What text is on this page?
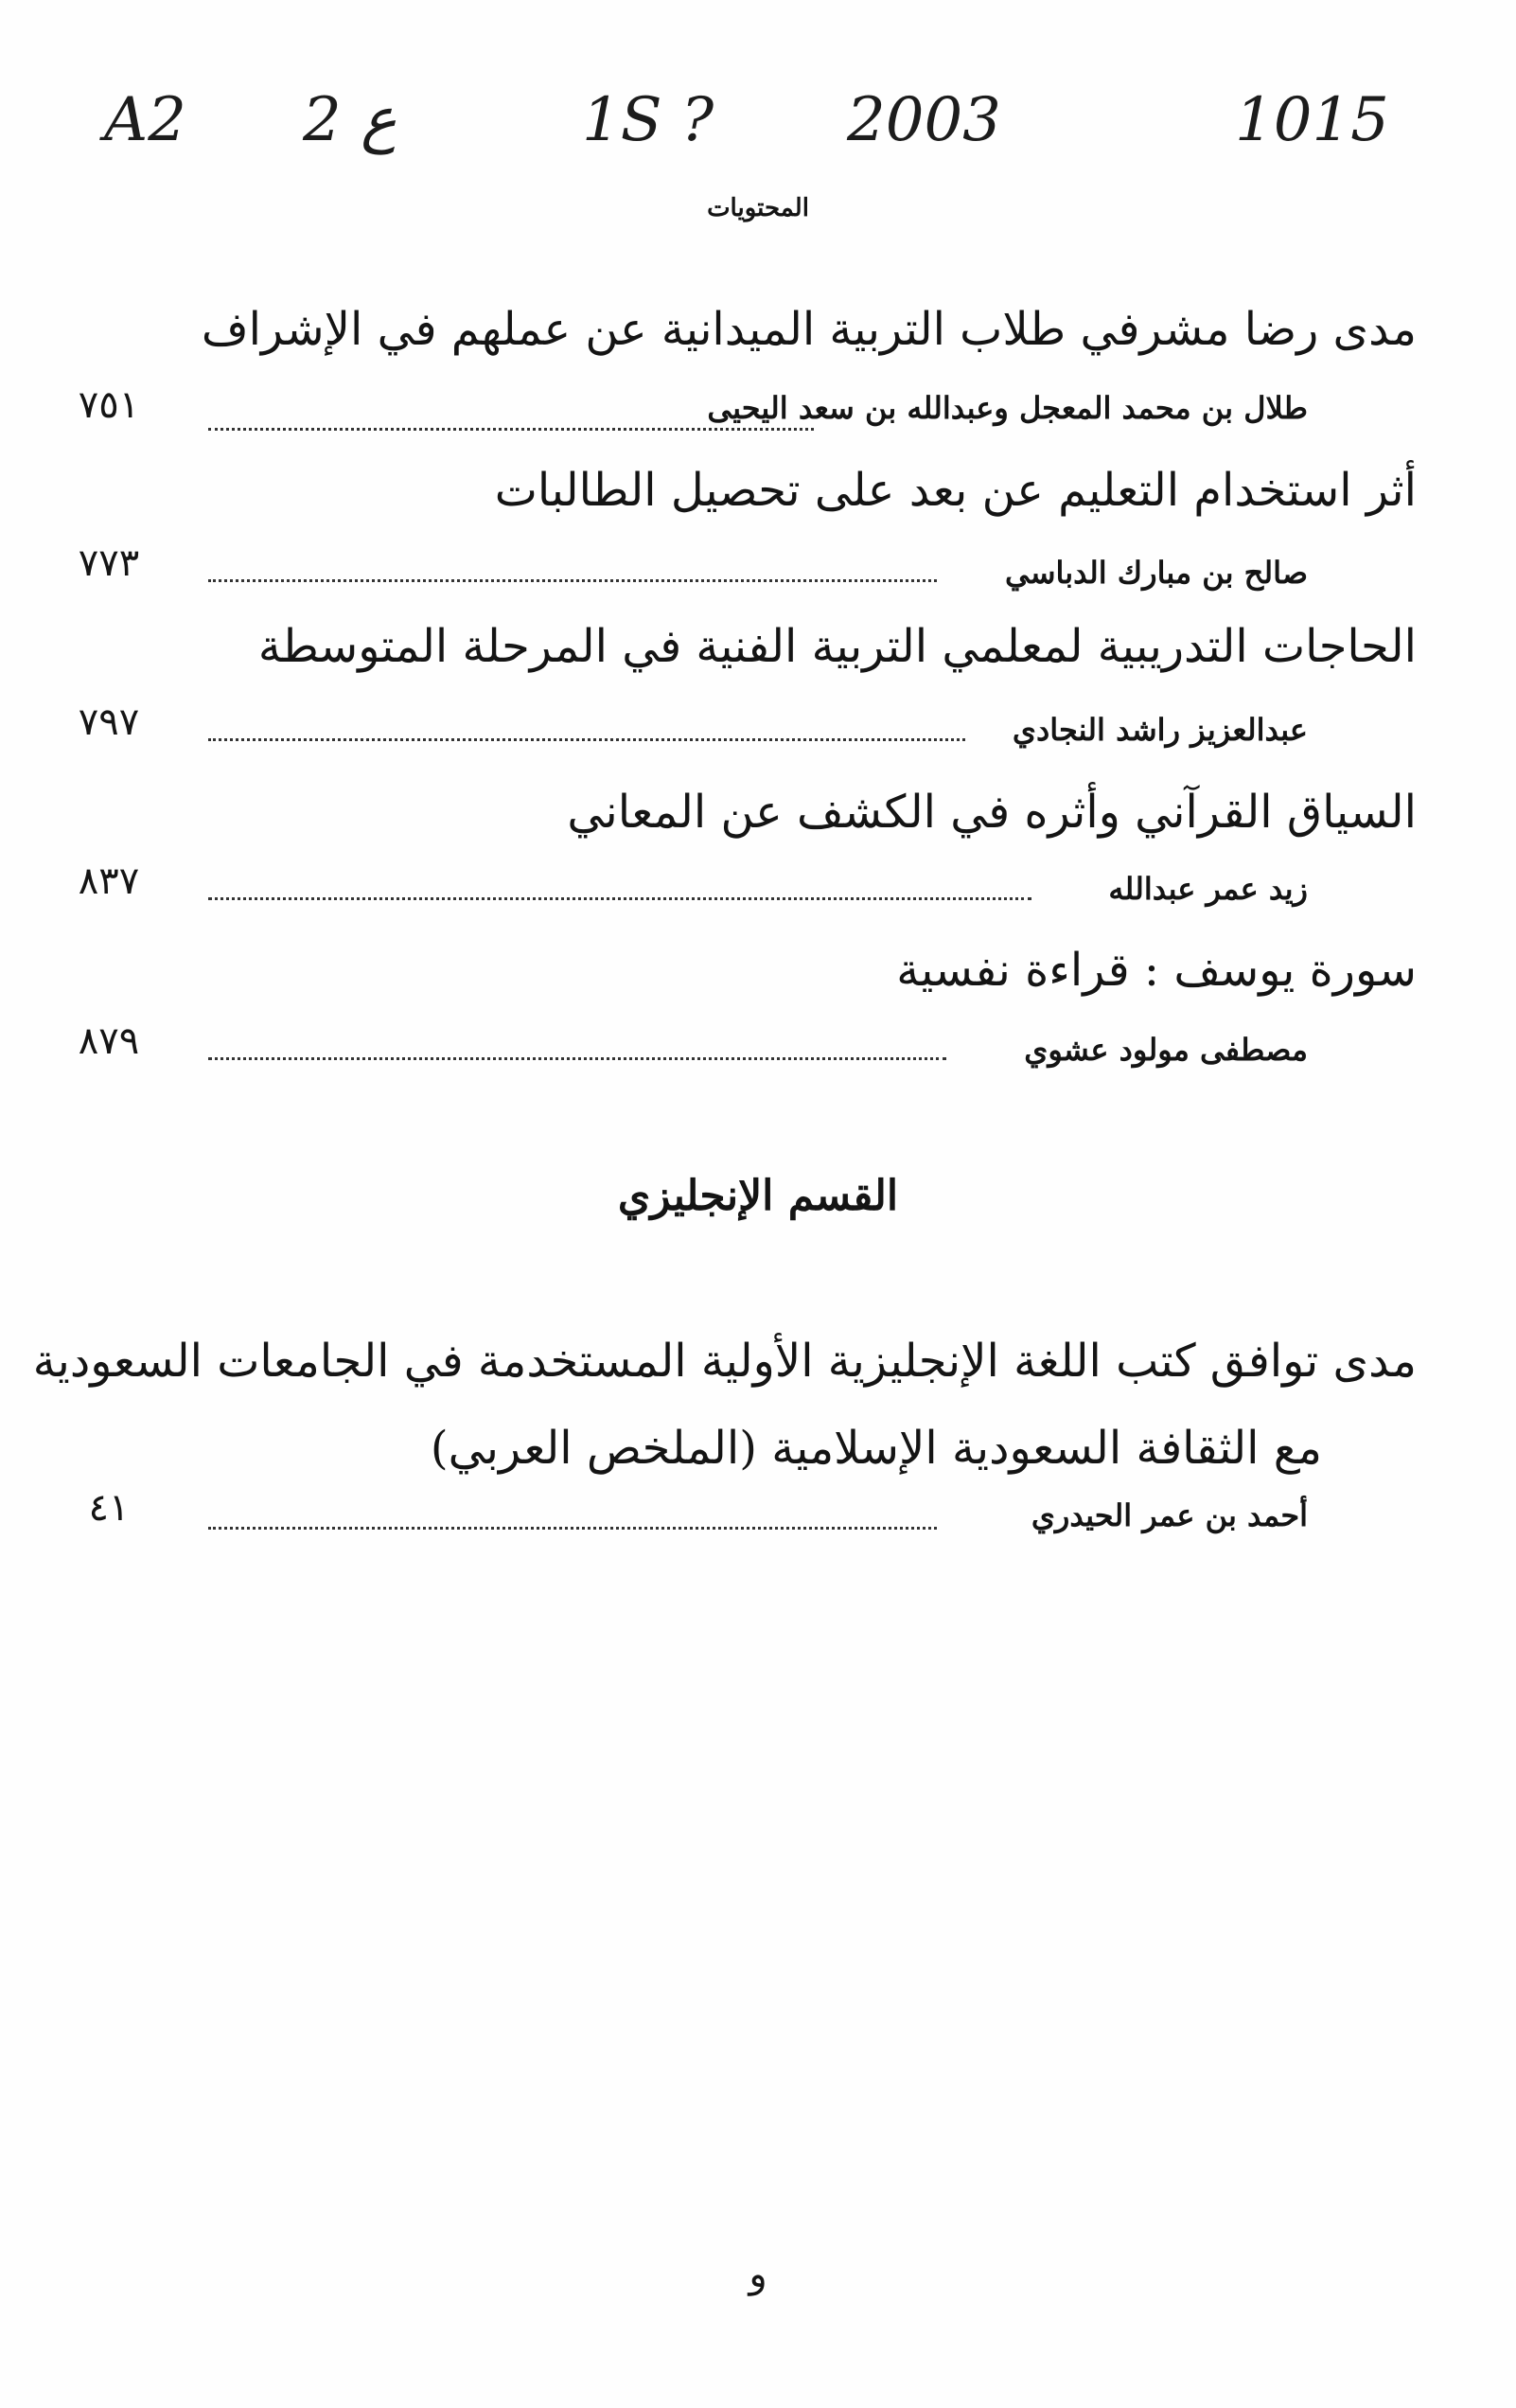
A2 2 ع	1S ? 2003	1015
المحتويات
مدى رضا مشرفي طلاب التربية الميدانية عن عملهم في الإشراف
طلال بن محمد المعجل وعبدالله بن سعد اليحيى
٧٥١
أثر استخدام التعليم عن بعد على تحصيل الطالبات
صالح بن مبارك الدباسي
٧٧٣
الحاجات التدريبية لمعلمي التربية الفنية في المرحلة المتوسطة
عبدالعزيز راشد النجادي
٧٩٧
السياق القرآني وأثره في الكشف عن المعاني
زيد عمر عبدالله
٨٣٧
سورة يوسف : قراءة نفسية
مصطفى مولود عشوي
٨٧٩
القسم الإنجليزي
مدى توافق كتب اللغة الإنجليزية الأولية المستخدمة في الجامعات السعودية
مع الثقافة السعودية الإسلامية (الملخص العربي)
أحمد بن عمر الحيدري
٤١
و
